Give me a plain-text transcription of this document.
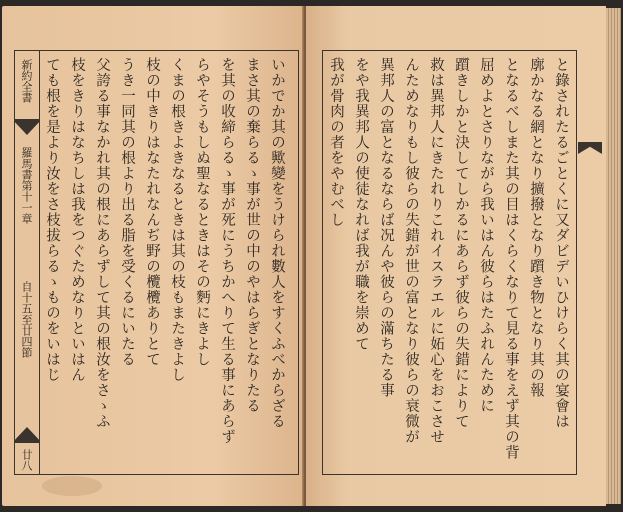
新約全書
羅馬書第十一章
自十五至廿四節
廿八
いかでか其の歟變をうけられ數人をすくふべからざる
まさ其の棄らるゝ事が世の中のやはらぎとなりたる
を其の收締らるゝ事が死にうちかへりて生る事にあらず
らやそうもしぬ聖なるときはその麪にきよし
くまの根きよきなるときは其の枝もまたきよし
枝の中きりはなたれなんぢ野の欖欖ありとて
うき一同其の根より出る脂を受くるにいたる
父誇る事なかれ其の根にあらずして其の根汝をさゝふ
枝をきりはなちしは我をつぐためなりといはん
ても根を是より汝をさ枝拔らるゝものをいはじ	と錄されたるごとくに又ダビデいひけらく其の宴會は
廓かなる網となり擴撥となり躓き物となり其の報
となるべしまた其の目はくらくなりて見る事をえず其の背
屈めよとさりながら我いはん彼らはたふれんために
躓きしかと決してしかるにあらず彼らの失錯によりて
救は異邦人にきたれりこれイスラエルに妬心をおこさせ
んためなりもし彼らの失錯が世の富となり彼らの衰微が
異邦人の富となるならば况んや彼らの滿ちたる事
をや我異邦人の使徒なれば我が職を崇めて
我が骨肉の者をやむべし
